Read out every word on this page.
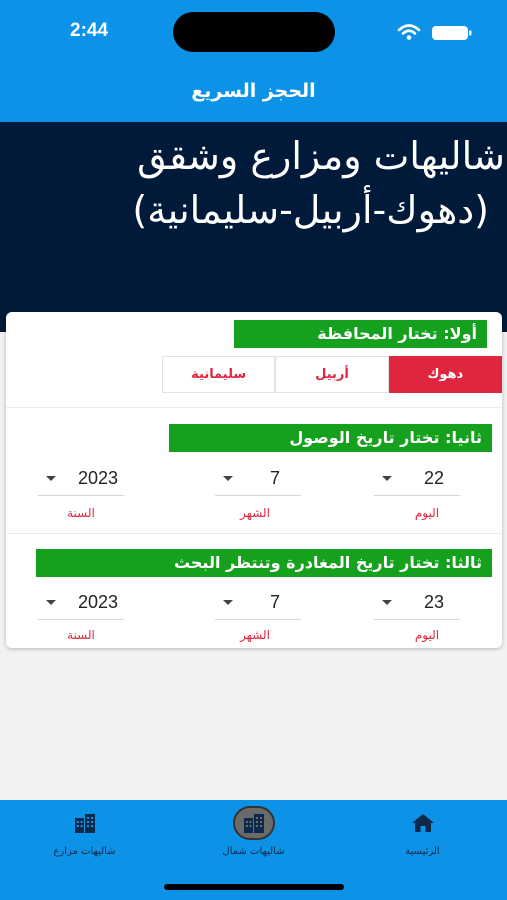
2:44
الحجز السريع
شاليهات ومزارع وشقق
(دهوك-أربيل-سليمانية)
أولا: تختار المحافظة
دهوك
أربيل
سليمانية
ثانيا: تختار تاريخ الوصول
22
اليوم
7
الشهر
2023
السنة
ثالثا: تختار تاريخ المغادرة وتنتظر البحث
23
اليوم
7
الشهر
2023
السنة
الرئيسية
شاليهات شمال
شاليهات مزارع
